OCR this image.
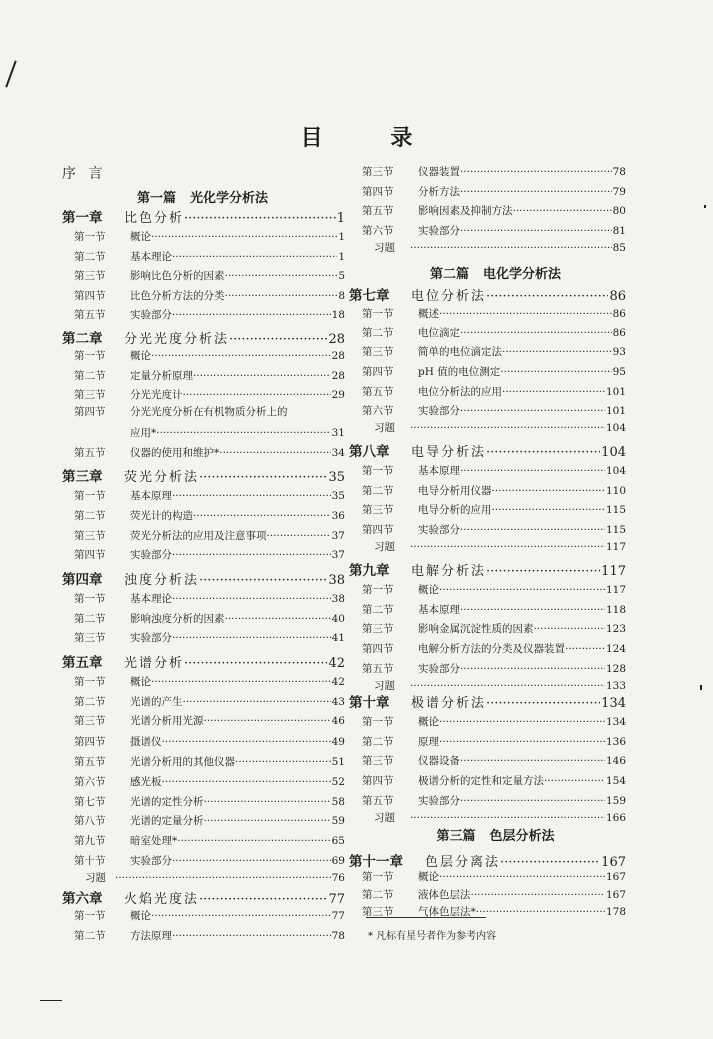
目 录
序 言
第一篇 光化学分析法
第二篇 电化学分析法
第三篇 色层分析法
第一章	比色分析 ·····	1
第一节	概论 ·····	1
第二节	基本理论 ·····	1
第三节	影响比色分析的因素 ·····	5
第四节	比色分析方法的分类 ·····	8
第五节	实验部分 ·····	18
第二章	分光光度分析法 ·····	28
第一节	概论 ·····	28
第二节	定量分析原理 ·····	28
第三节	分光光度计 ·····	29
第四节	分光光度分析在有机物质分析上的
应用* ·····	31
第五节	仪器的使用和维护* ·····	34
第三章	荧光分析法 ·····	35
第一节	基本原理 ·····	35
第二节	荧光计的构造 ·····	36
第三节	荧光分析法的应用及注意事项 ·····	37
第四节	实验部分 ·····	37
第四章	浊度分析法 ·····	38
第一节	基本理论 ·····	38
第二节	影响浊度分析的因素 ·····	40
第三节	实验部分 ·····	41
第五章	光谱分析 ·····	42
第一节	概论 ·····	42
第二节	光谱的产生 ·····	43
第三节	光谱分析用光源 ·····	46
第四节	摄谱仪 ·····	49
第五节	光谱分析用的其他仪器 ·····	51
第六节	感光板 ·····	52
第七节	光谱的定性分析 ·····	58
第八节	光谱的定量分析 ·····	59
第九节	暗室处理* ·····	65
第十节	实验部分 ·····	69
习题 ·····	76
第六章	火焰光度法 ·····	77
第一节	概论 ·····	77
第二节	方法原理 ·····	78
第三节	仪器装置 ·····	78
第四节	分析方法 ·····	79
第五节	影响因素及抑制方法 ·····	80
第六节	实验部分 ·····	81
习题 ·····	85
第七章	电位分析法 ·····	86
第一节	概述 ·····	86
第二节	电位滴定 ·····	86
第三节	简单的电位滴定法 ·····	93
第四节	pH 值的电位测定 ·····	95
第五节	电位分析法的应用 ·····	101
第六节	实验部分 ·····	101
习题 ·····	104
第八章	电导分析法 ·····	104
第一节	基本原理 ·····	104
第二节	电导分析用仪器 ·····	110
第三节	电导分析的应用 ·····	115
第四节	实验部分 ·····	115
习题 ·····	117
第九章	电解分析法 ·····	117
第一节	概论 ·····	117
第二节	基本原理 ·····	118
第三节	影响金属沉淀性质的因素 ·····	123
第四节	电解分析方法的分类及仪器装置 ·····	124
第五节	实验部分 ·····	128
习题 ·····	133
第十章	极谱分析法 ·····	134
第一节	概论 ·····	134
第二节	原理 ·····	136
第三节	仪器设备 ·····	146
第四节	极谱分析的定性和定量方法 ·····	154
第五节	实验部分 ·····	159
习题 ·····	166
第十一章	色层分离法 ·····	167
第一节	概论 ·····	167
第二节	液体色层法 ·····	167
第三节	气体色层法* ·····	178
* 凡标有星号者作为参考内容
